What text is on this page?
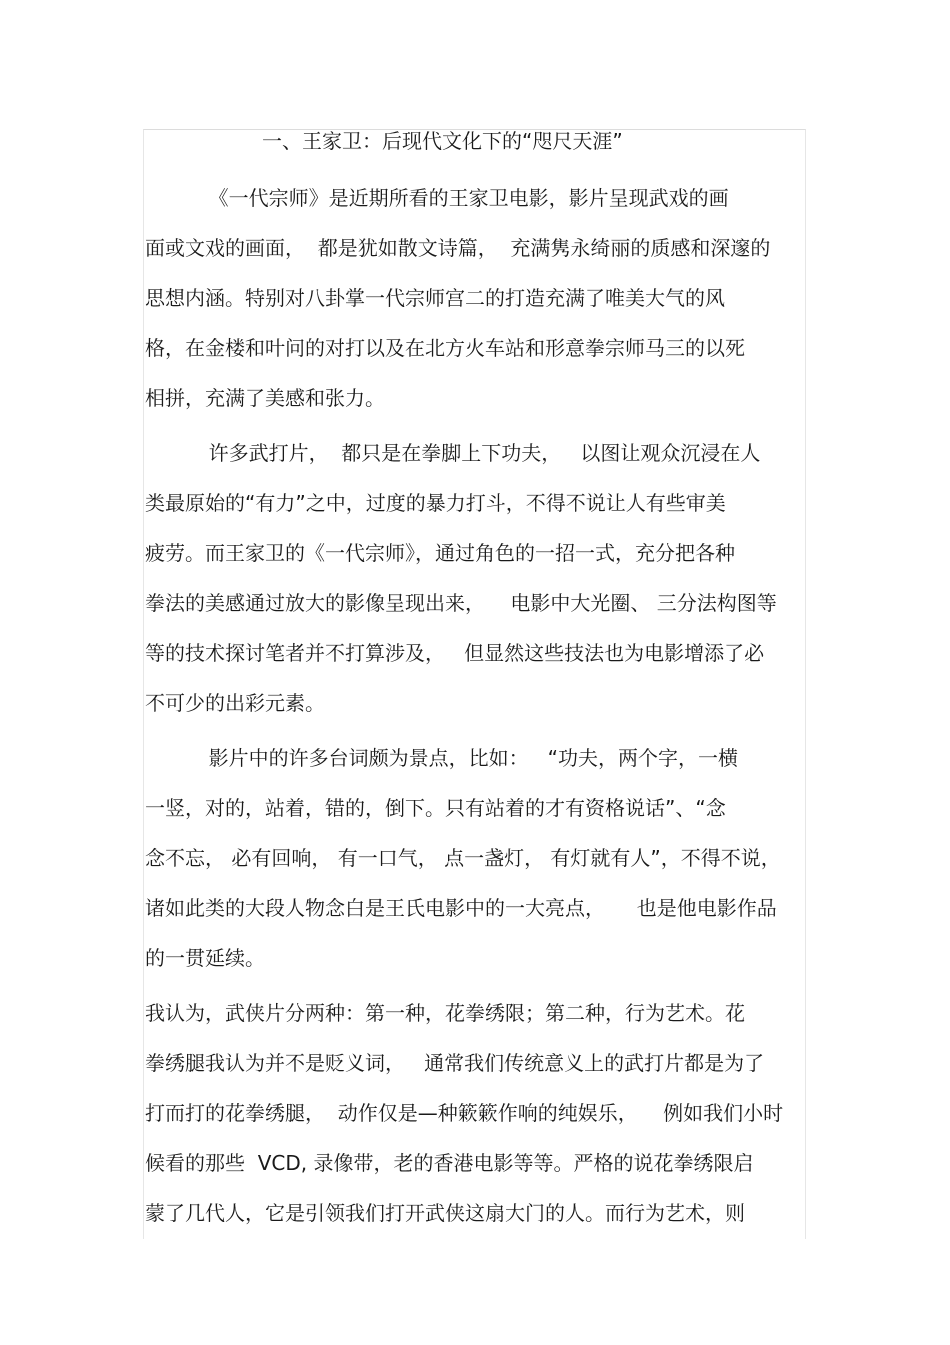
一、王家卫：后现代文化下的“咫尺天涯”
《一代宗师》是近期所看的王家卫电影，影片呈现武戏的画
面或文戏的画面，  都是犹如散文诗篇，  充满隽永绮丽的质感和深邃的
思想内涵。特别对八卦掌一代宗师宫二的打造充满了唯美大气的风
格，在金楼和叶问的对打以及在北方火车站和形意拳宗师马三的以死
相拼，充满了美感和张力。
许多武打片，  都只是在拳脚上下功夫，   以图让观众沉浸在人
类最原始的“有力”之中，过度的暴力打斗，不得不说让人有些审美
疲劳。而王家卫的《一代宗师》，通过角色的一招一式，充分把各种
拳法的美感通过放大的影像呈现出来，    电影中大光圈、 三分法构图等
等的技术探讨笔者并不打算涉及，   但显然这些技法也为电影增添了必
不可少的出彩元素。
影片中的许多台词颇为景点，比如：   “功夫，两个字，一横
一竖，对的，站着，错的，倒下。只有站着的才有资格说话”、“念
念不忘， 必有回响， 有一口气， 点一盏灯， 有灯就有人”，不得不说，
诸如此类的大段人物念白是王氏电影中的一大亮点，     也是他电影作品
的一贯延续。
我认为，武侠片分两种：第一种，花拳绣限；第二种，行为艺术。花
拳绣腿我认为并不是贬义词，   通常我们传统意义上的武打片都是为了
打而打的花拳绣腿，  动作仅是—种簌簌作响的纯娱乐，    例如我们小时
候看的那些  VCD, 录像带，老的香港电影等等。严格的说花拳绣限启
蒙了几代人，它是引领我们打开武侠这扇大门的人。而行为艺术，则
